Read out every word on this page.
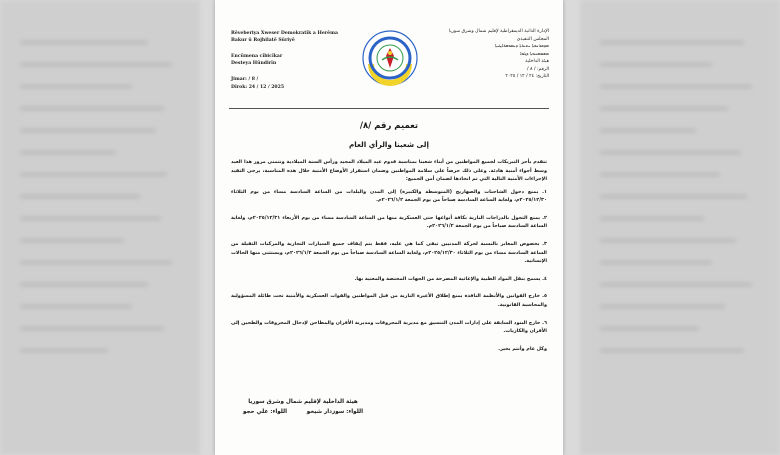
Rêveberiya Xweser Demokratîk a Herêma
Bakur û Rojhilatê Sûriyê
Encûmena cîbicîkar
Desteya Hûndirîn
Jimar: / 8 /
Dîrok: 24 / 12 / 2025
الإدارة الذاتية الديمقراطية لإقليم شمال وشرق سوريا
المجلس التنفيذي
ܡܕܒܪܢܘܬܐ ܝܬܝܪܬܐ ܕܝܡܘܩܪܐܛܝܬܐ
ܡܫܡܫܢܘܬܐ ܕܓܘܐ
هيئة الداخلية
الرقم: / ٨ /
التاريخ: ٢٤ / ١٢ / ٢٠٢٥
تعميم رقم /٨/
إلى شعبنا والرأي العام

تتقدم بأحر التبريكات لجميع المواطنين من أبناء شعبنا بمناسبة قدوم عيد الميلاد المجيد ورأس السنة الميلادية ونتمنى مرور هذا العيد وسط أجواء أمنية هادئة. وعلى ذلك حرصاً على سلامة المواطنين وضمان استقرار الأوضاع الأمنية خلال هذه المناسبة، يرجى التقيد الإجراءات الأمنية التالية التي تم اتخاذها لضمان أمن الجميع:

١. يمنع دخول الشاحنات والصهاريج (المتوسطة والكبيرة) إلى المدن والبلدات من الساعة السادسة مساء من يوم الثلاثاء ٢٠٢٥/١٢/٣٠م، ولغاية الساعة السادسة صباحاً من يوم الجمعة ٢٠٢٦/١/٢م.

٢. يمنع التجول بالدراجات النارية بكافة أنواعها حتى العسكرية منها من الساعة السادسة مساء من يوم الأربعاء ٢٠٢٥/١٢/٣١م، ولغاية الساعة السادسة صباحاً من يوم الجمعة ٢٠٢٦/١/٢م.

٣. بخصوص المعابر بالنسبة لحركة المدنيين تبقى كما هي عليه، فقط يتم إيقاف جميع السيارات التجارية والمركبات الثقيلة من الساعة السادسة مساء من يوم الثلاثاء ٢٠٢٥/١٢/٣٠م، ولغاية الساعة السادسة صباحاً من يوم الجمعة ٢٠٢٦/١/٢م، ويستثنى منها الحالات الإنسانية.

٤. يسمح بنقل المواد الطبية والإغاثية المصرحة من الجهات المختصة والمعنية بها.

٥. خارج القوانين والأنظمة النافذة يمنع إطلاق الأعيرة النارية من قبل المواطنين والقوات العسكرية والأمنية تحت طائلة المسؤولية والمحاسبة القانونية.

٦. خارج البنود السابقة على إدارات المدن التنسيق مع مديرية المحروقات ومديرية الأفران والمطاحن لإدخال المحروقات والطحين إلى الأفران والكازيات.

وكل عام وأنتم بخير.

هيئة الداخلية لإقليم شمال وشرق سوريا
اللواء: سوزدار شيخو
اللواء: علي حجو
